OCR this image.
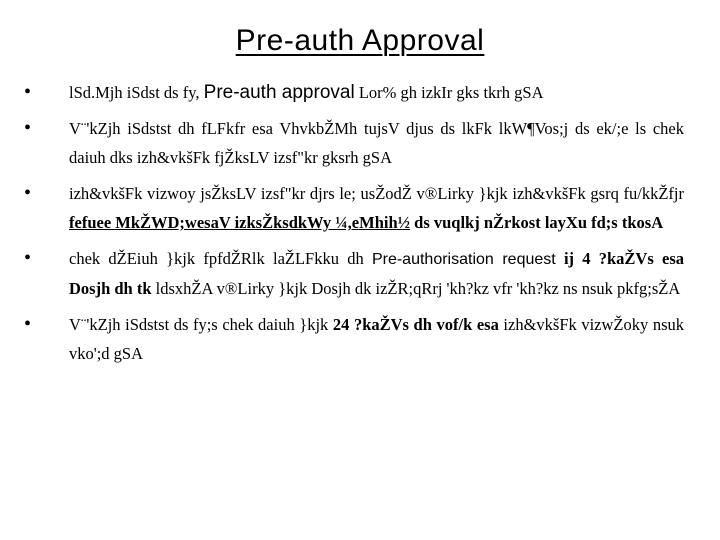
Pre-auth Approval
• lSd.Mjh iSdst ds fy, Pre-auth approval Lor% gh izkIr gks tkrh gSA
• V¨'kZjh iSdstst dh fLFkfr esa VhvkbŽMh tujsV djus ds lkFk lkW¶Vos;j ds ek/;e ls chek daiuh dks izh&vkšFk fjŽksLV izsf"kr gksrh gSA
• izh&vkšFk vizwoy jsŽksLV izsf"kr djrs le; usŽodŽ v®Lirky }kjk izh&vkšFk gsrq fu/kkŽfjr fefuee MkŽWD;wesaV izksŽksdkWy ¼,eMhih½ ds vuqlkj nŽrkost layXu fd;s tkosA
• chek dŽEiuh }kjk fpfdŽRlk laŽLFkku dh Pre-authorisation request ij 4 ?kaŽVs esa Dosjh dh tk ldsxhŽA v®Lirky }kjk Dosjh dk izŽR;qRrj 'kh?kz vfr 'kh?kz ns nsuk pkfg;sŽA
• V¨'kZjh iSdstst ds fy;s chek daiuh }kjk 24 ?kaŽVs dh vof/k esa izh&vkšFk vizwŽoky nsuk vko';d gSA
